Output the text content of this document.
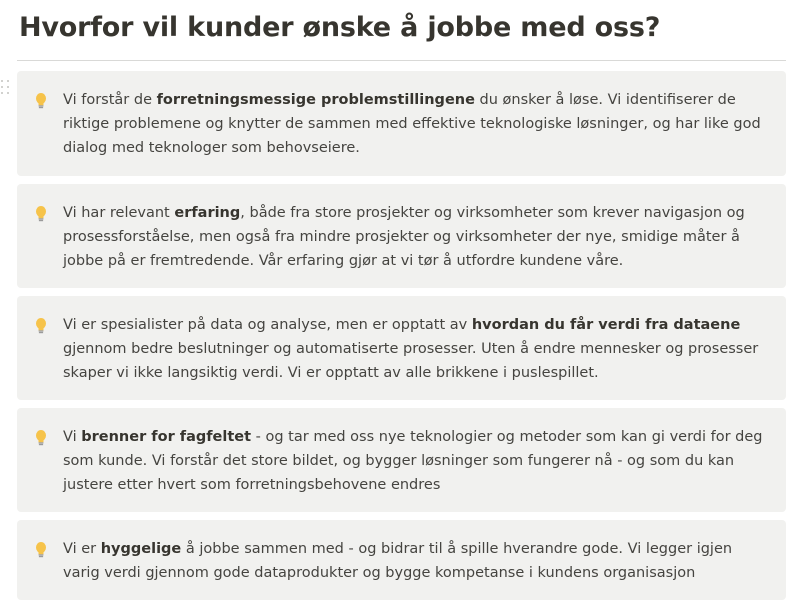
Hvorfor vil kunder ønske å jobbe med oss?
Vi forstår de forretningsmessige problemstillingene du ønsker å løse. Vi identifiserer de riktige problemene og knytter de sammen med effektive teknologiske løsninger, og har like god dialog med teknologer som behovseiere.
Vi har relevant erfaring, både fra store prosjekter og virksomheter som krever navigasjon og prosessforståelse, men også fra mindre prosjekter og virksomheter der nye, smidige måter å jobbe på er fremtredende. Vår erfaring gjør at vi tør å utfordre kundene våre.
Vi er spesialister på data og analyse, men er opptatt av hvordan du får verdi fra dataene gjennom bedre beslutninger og automatiserte prosesser. Uten å endre mennesker og prosesser skaper vi ikke langsiktig verdi. Vi er opptatt av alle brikkene i puslespillet.
Vi brenner for fagfeltet - og tar med oss nye teknologier og metoder som kan gi verdi for deg som kunde. Vi forstår det store bildet, og bygger løsninger som fungerer nå - og som du kan justere etter hvert som forretningsbehovene endres
Vi er hyggelige å jobbe sammen med - og bidrar til å spille hverandre gode. Vi legger igjen varig verdi gjennom gode dataprodukter og bygge kompetanse i kundens organisasjon
